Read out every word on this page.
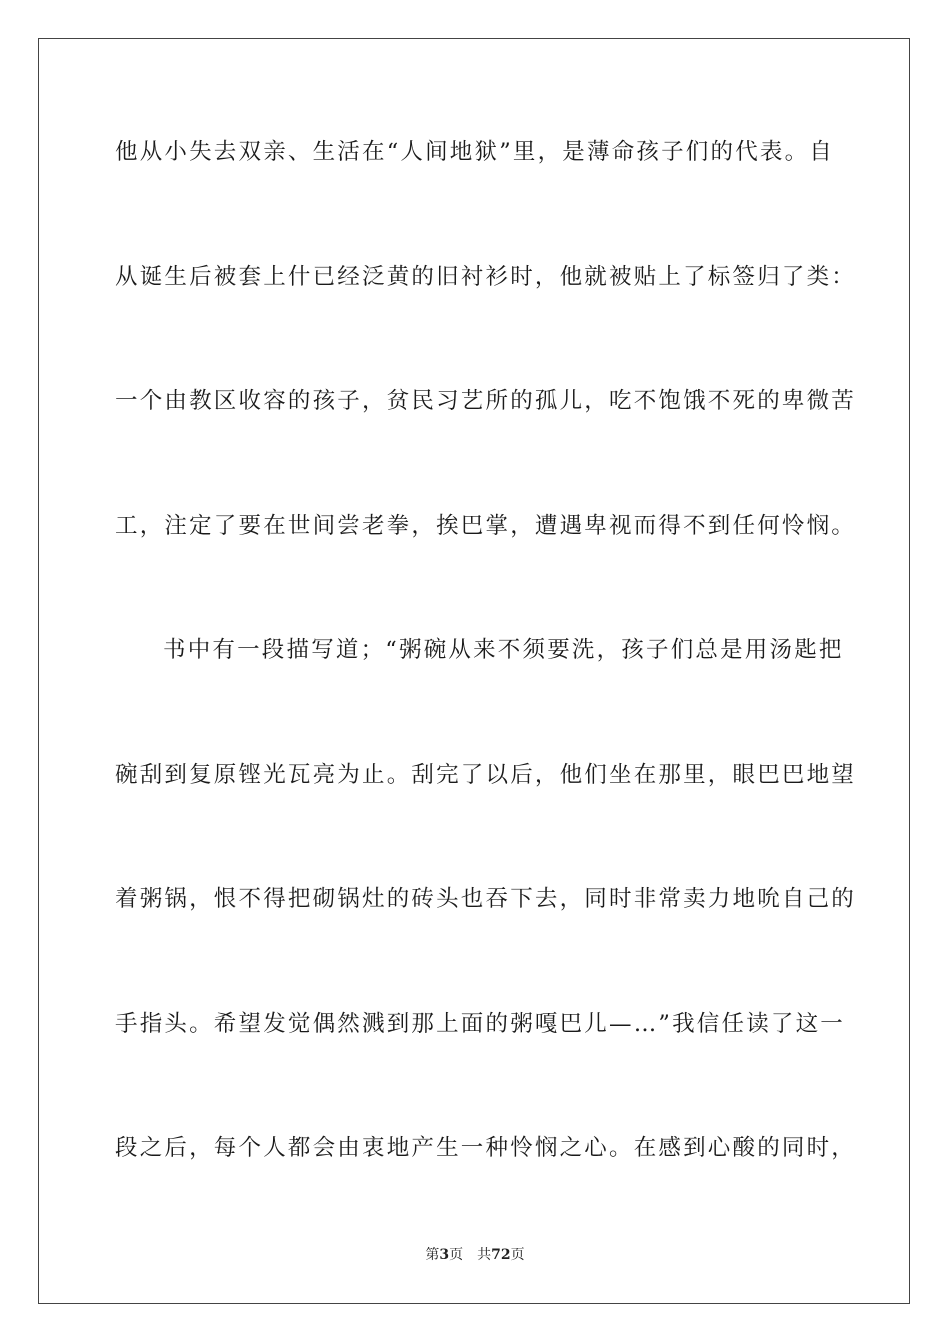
他从小失去双亲、生活在“人间地狱”里，是薄命孩子们的代表。自
从诞生后被套上什已经泛黄的旧衬衫时，他就被贴上了标签归了类：
一个由教区收容的孩子，贫民习艺所的孤儿，吃不饱饿不死的卑微苦
工，注定了要在世间尝老拳，挨巴掌，遭遇卑视而得不到任何怜悯。
书中有一段描写道；“粥碗从来不须要洗，孩子们总是用汤匙把
碗刮到复原铿光瓦亮为止。刮完了以后，他们坐在那里，眼巴巴地望
着粥锅，恨不得把砌锅灶的砖头也吞下去，同时非常卖力地吮自己的
手指头。希望发觉偶然溅到那上面的粥嘎巴儿—…”我信任读了这一
段之后，每个人都会由衷地产生一种怜悯之心。在感到心酸的同时，
第3页 共72页
